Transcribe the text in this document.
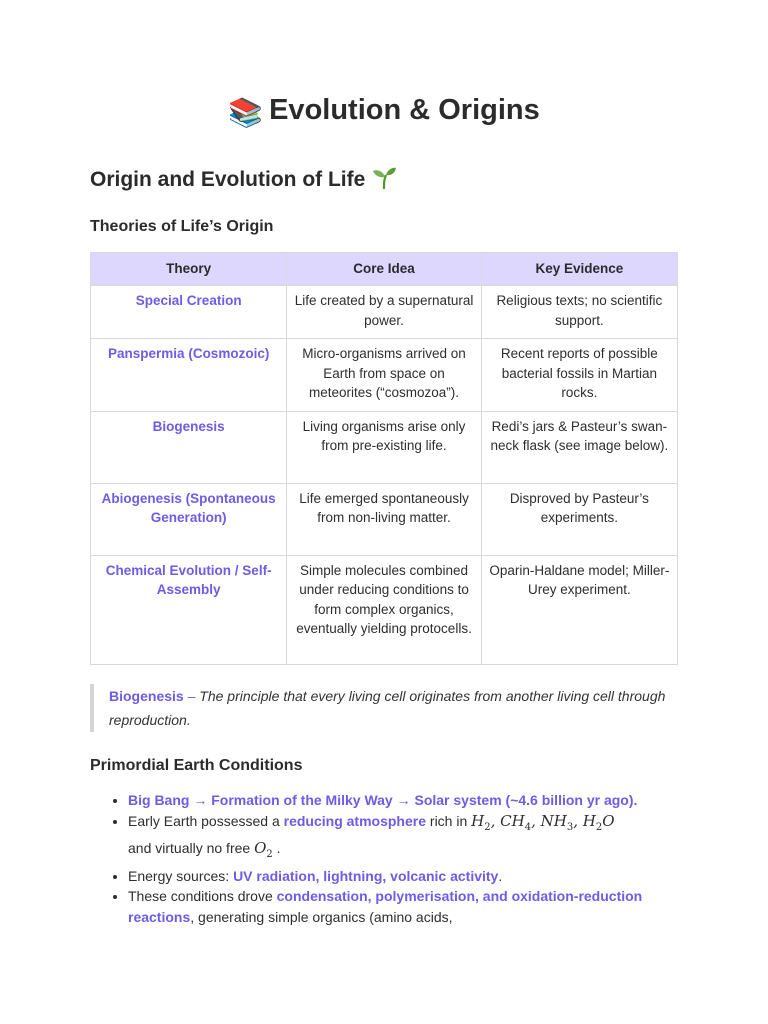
📚 Evolution & Origins
Origin and Evolution of Life
Theories of Life’s Origin
Theory	Core Idea	Key Evidence
Special Creation	Life created by a supernatural power.	Religious texts; no scientific support.
Panspermia (Cosmozoic)	Micro-organisms arrived on Earth from space on meteorites (“cosmozoa”).	Recent reports of possible bacterial fossils in Martian rocks.
Biogenesis	Living organisms arise only from pre-existing life.	Redi’s jars & Pasteur’s swan-neck flask (see image below).
Abiogenesis (Spontaneous Generation)	Life emerged spontaneously from non-living matter.	Disproved by Pasteur’s experiments.
Chemical Evolution / Self-Assembly	Simple molecules combined under reducing conditions to form complex organics, eventually yielding protocells.	Oparin-Haldane model; Miller-Urey experiment.
Biogenesis – The principle that every living cell originates from another living cell through reproduction.
Primordial Earth Conditions
• Big Bang → Formation of the Milky Way → Solar system (~4.6 billion yr ago).
• Early Earth possessed a reducing atmosphere rich in $H_2$, $CH_4$, $NH_3$, $H_2O$
and virtually no free $O_2$ .
• Energy sources: UV radiation, lightning, volcanic activity.
• These conditions drove condensation, polymerisation, and oxidation-reduction reactions, generating simple organics (amino acids,
